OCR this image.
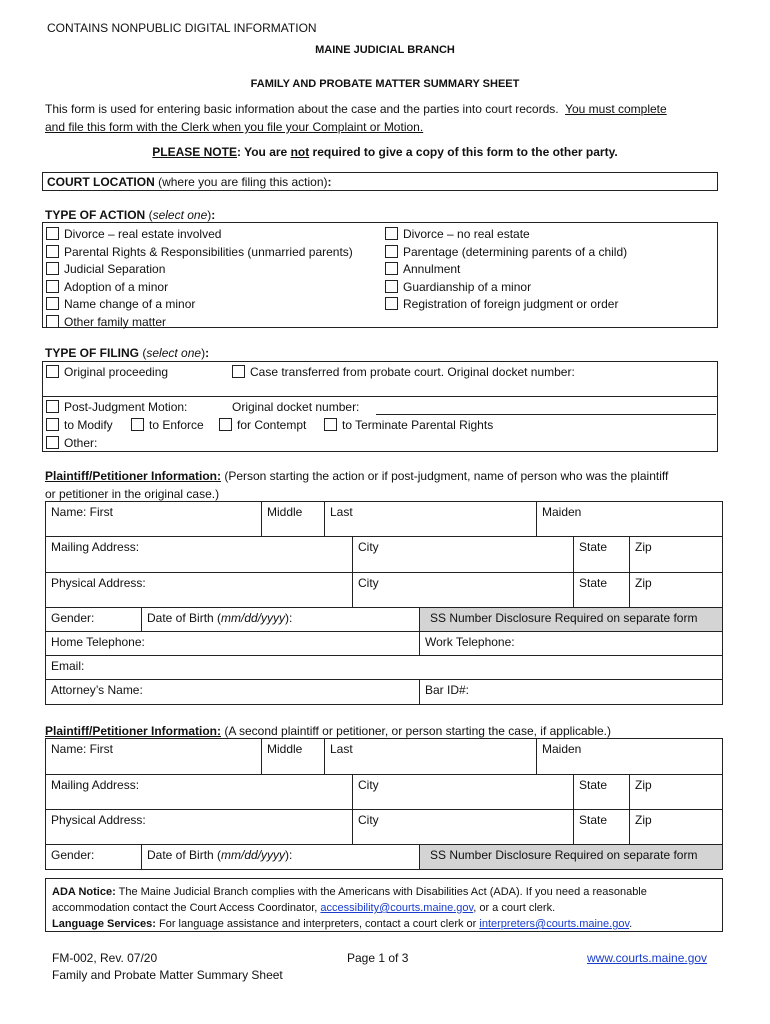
CONTAINS NONPUBLIC DIGITAL INFORMATION
MAINE JUDICIAL BRANCH
FAMILY AND PROBATE MATTER SUMMARY SHEET
This form is used for entering basic information about the case and the parties into court records. You must complete
and file this form with the Clerk when you file your Complaint or Motion.
PLEASE NOTE: You are not required to give a copy of this form to the other party.
COURT LOCATION (where you are filing this action):
TYPE OF ACTION (select one):
Divorce – real estate involved
Parental Rights & Responsibilities (unmarried parents)
Judicial Separation
Adoption of a minor
Name change of a minor
Other family matter
Divorce – no real estate
Parentage (determining parents of a child)
Annulment
Guardianship of a minor
Registration of foreign judgment or order
TYPE OF FILING (select one):
Original proceeding	Case transferred from probate court. Original docket number:
Post-Judgment Motion:	Original docket number:
to Modify	to Enforce	for Contempt	to Terminate Parental Rights
Other:
Plaintiff/Petitioner Information: (Person starting the action or if post-judgment, name of person who was the plaintiff
or petitioner in the original case.)
Name: First	Middle	Last	Maiden
Mailing Address:	City	State	Zip
Physical Address:	City	State	Zip
Gender:	Date of Birth (mm/dd/yyyy):	SS Number Disclosure Required on separate form
Home Telephone:	Work Telephone:
Email:
Attorney’s Name:	Bar ID#:
Plaintiff/Petitioner Information: (A second plaintiff or petitioner, or person starting the case, if applicable.)
Name: First	Middle	Last	Maiden
Mailing Address:	City	State	Zip
Physical Address:	City	State	Zip
Gender:	Date of Birth (mm/dd/yyyy):	SS Number Disclosure Required on separate form
ADA Notice: The Maine Judicial Branch complies with the Americans with Disabilities Act (ADA). If you need a reasonable
accommodation contact the Court Access Coordinator, accessibility@courts.maine.gov, or a court clerk.
Language Services: For language assistance and interpreters, contact a court clerk or interpreters@courts.maine.gov.
FM-002, Rev. 07/20
Family and Probate Matter Summary Sheet
Page 1 of 3	www.courts.maine.gov
